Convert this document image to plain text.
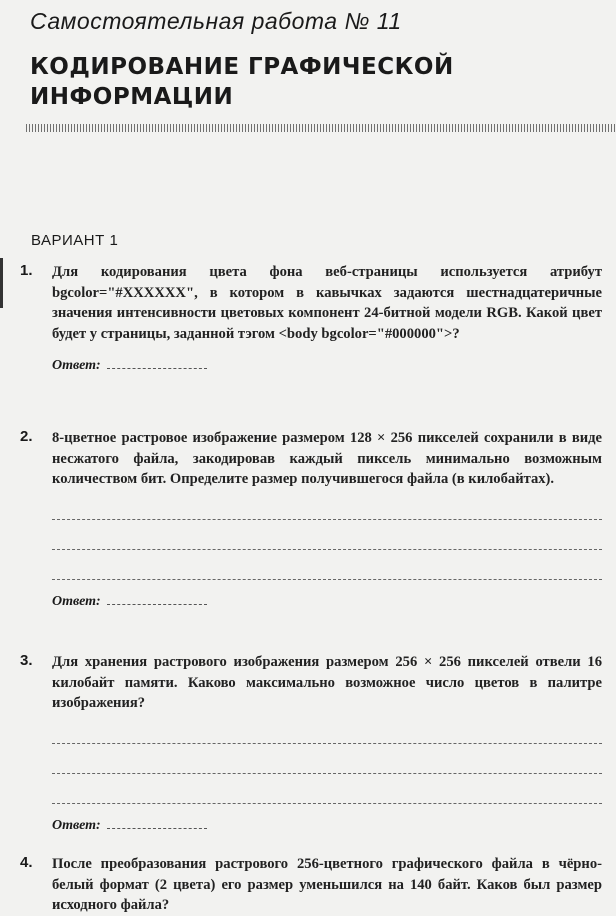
Самостоятельная работа № 11
КОДИРОВАНИЕ ГРАФИЧЕСКОЙ
ИНФОРМАЦИИ
ВАРИАНТ 1
1. Для кодирования цвета фона веб-страницы используется атрибут bgcolor="#XXXXXX", в котором в кавычках задаются шестнадцатеричные значения интенсивности цветовых компонент 24-битной модели RGB. Какой цвет будет у страницы, заданной тэгом <body bgcolor="#000000">?

Ответ:
2. 8-цветное растровое изображение размером 128 × 256 пикселей сохранили в виде несжатого файла, закодировав каждый пиксель минимально возможным количеством бит. Определите размер получившегося файла (в килобайтах).

Ответ:
3. Для хранения растрового изображения размером 256 × 256 пикселей отвели 16 килобайт памяти. Каково максимально возможное число цветов в палитре изображения?

Ответ:
4. После преобразования растрового 256-цветного графического файла в чёрно-белый формат (2 цвета) его размер уменьшился на 140 байт. Каков был размер исходного файла?
